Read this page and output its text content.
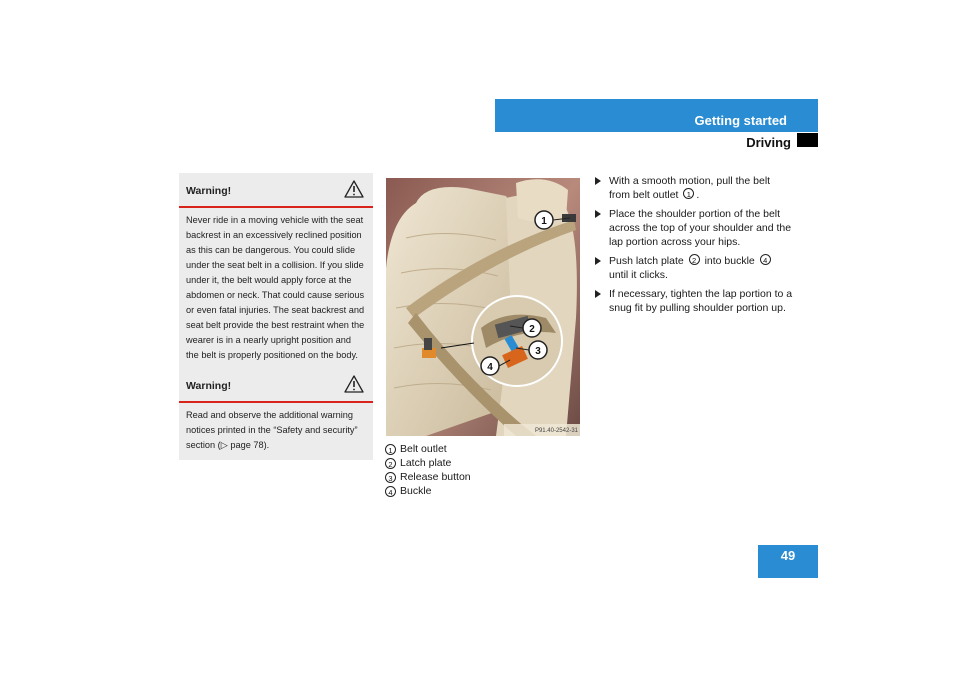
Getting started
Driving
Warning!
Never ride in a moving vehicle with the seat backrest in an excessively reclined position as this can be dangerous. You could slide under the seat belt in a collision. If you slide under it, the belt would apply force at the abdomen or neck. That could cause serious or even fatal injuries. The seat backrest and seat belt provide the best restraint when the wearer is in a nearly upright position and the belt is properly positioned on the body.
Warning!
Read and observe the additional warning notices printed in the “Safety and security” section (▷ page 78).
1
2
3
4
P91.40-2542-31
1 Belt outlet
2 Latch plate
3 Release button
4 Buckle
With a smooth motion, pull the belt from belt outlet 1 .
Place the shoulder portion of the belt across the top of your shoulder and the lap portion across your hips.
Push latch plate 2 into buckle 4 until it clicks.
If necessary, tighten the lap portion to a snug fit by pulling shoulder portion up.
49
